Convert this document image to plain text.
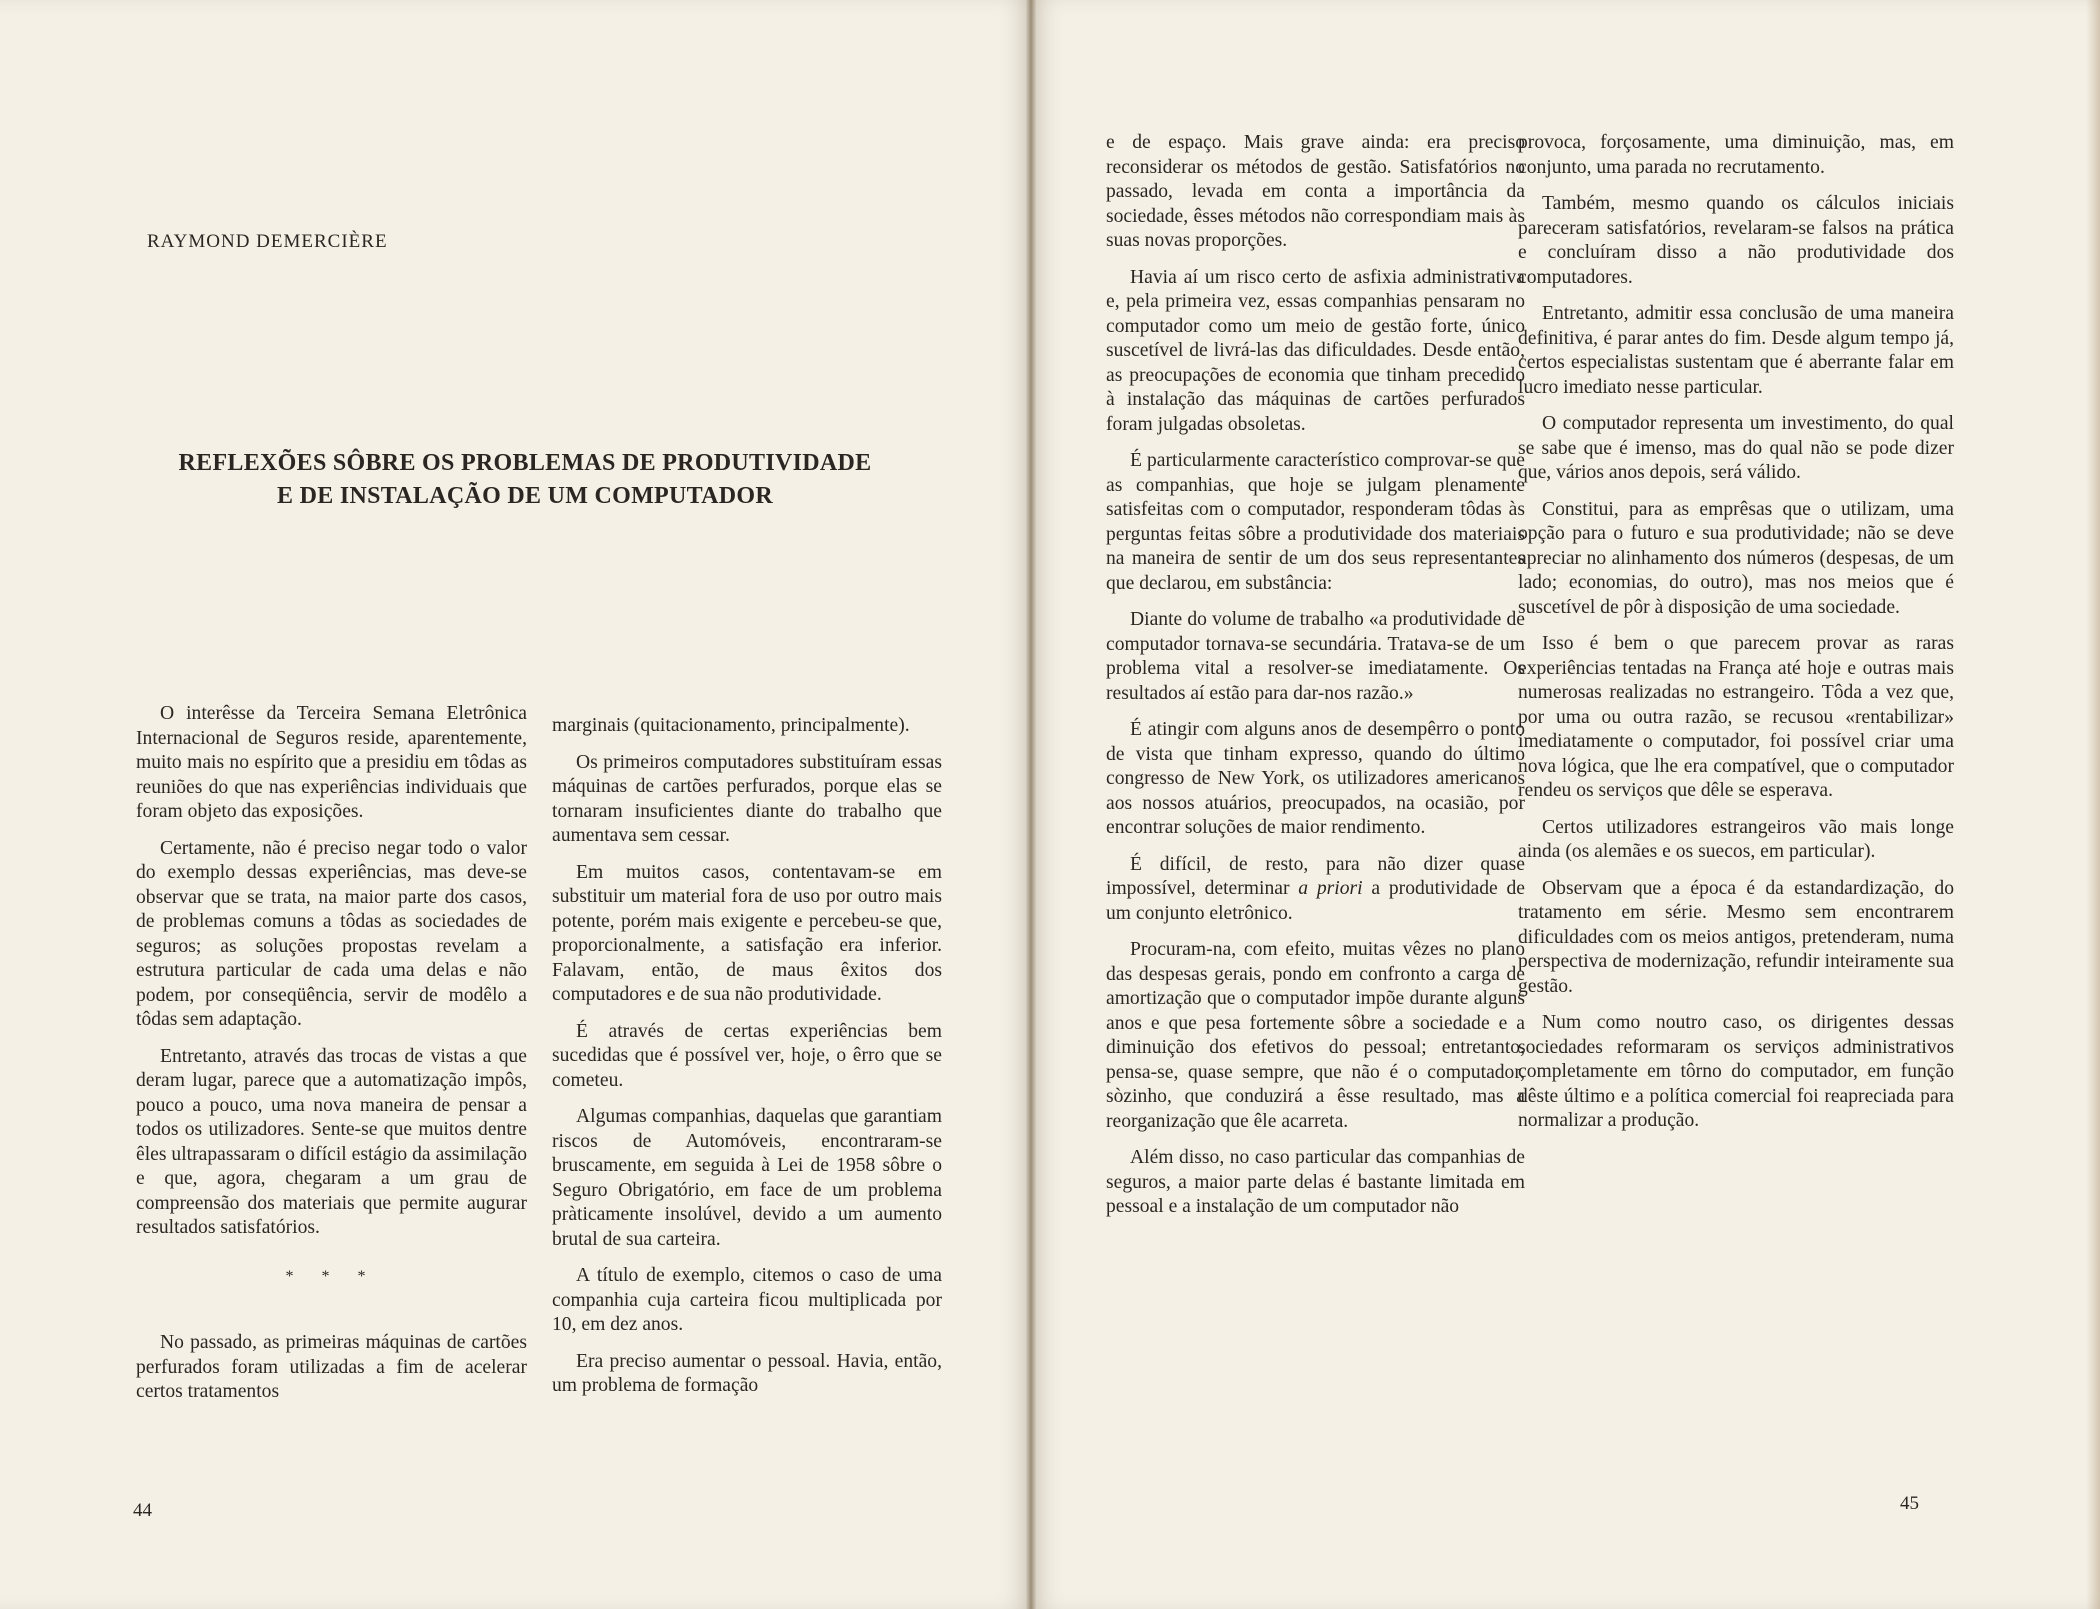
RAYMOND DEMERCIÈRE
REFLEXÕES SÔBRE OS PROBLEMAS DE PRODUTIVIDADE
E DE INSTALAÇÃO DE UM COMPUTADOR

O interêsse da Terceira Semana Eletrônica Internacional de Seguros reside, aparentemente, muito mais no espírito que a presidiu em tôdas as reuniões do que nas experiências individuais que foram objeto das exposições.

Certamente, não é preciso negar todo o valor do exemplo dessas experiências, mas deve-se observar que se trata, na maior parte dos casos, de problemas comuns a tôdas as sociedades de seguros; as soluções propostas revelam a estrutura particular de cada uma delas e não podem, por conseqüência, servir de modêlo a tôdas sem adaptação.

Entretanto, através das trocas de vistas a que deram lugar, parece que a automatização impôs, pouco a pouco, uma nova maneira de pensar a todos os utilizadores. Sente-se que muitos dentre êles ultrapassaram o difícil estágio da assimilação e que, agora, chegaram a um grau de compreensão dos materiais que permite augurar resultados satisfatórios.

* * *

No passado, as primeiras máquinas de cartões perfurados foram utilizadas a fim de acelerar certos tratamentos

marginais (quitacionamento, principalmente).

Os primeiros computadores substituíram essas máquinas de cartões perfurados, porque elas se tornaram insuficientes diante do trabalho que aumentava sem cessar.

Em muitos casos, contentavam-se em substituir um material fora de uso por outro mais potente, porém mais exigente e percebeu-se que, proporcionalmente, a satisfação era inferior. Falavam, então, de maus êxitos dos computadores e de sua não produtividade.

É através de certas experiências bem sucedidas que é possível ver, hoje, o êrro que se cometeu.

Algumas companhias, daquelas que garantiam riscos de Automóveis, encontraram-se bruscamente, em seguida à Lei de 1958 sôbre o Seguro Obrigatório, em face de um problema pràticamente insolúvel, devido a um aumento brutal de sua carteira.

A título de exemplo, citemos o caso de uma companhia cuja carteira ficou multiplicada por 10, em dez anos.

Era preciso aumentar o pessoal. Havia, então, um problema de formação

44

e de espaço. Mais grave ainda: era preciso reconsiderar os métodos de gestão. Satisfatórios no passado, levada em conta a importância da sociedade, êsses métodos não correspondiam mais às suas novas proporções.

Havia aí um risco certo de asfixia administrativa e, pela primeira vez, essas companhias pensaram no computador como um meio de gestão forte, único suscetível de livrá-las das dificuldades. Desde então, as preocupações de economia que tinham precedido à instalação das máquinas de cartões perfurados foram julgadas obsoletas.

É particularmente característico comprovar-se que as companhias, que hoje se julgam plenamente satisfeitas com o computador, responderam tôdas às perguntas feitas sôbre a produtividade dos materiais na maneira de sentir de um dos seus representantes que declarou, em substância:

Diante do volume de trabalho «a produtividade de computador tornava-se secundária. Tratava-se de um problema vital a resolver-se imediatamente. Os resultados aí estão para dar-nos razão.»

É atingir com alguns anos de desempêrro o ponto de vista que tinham expresso, quando do último congresso de New York, os utilizadores americanos aos nossos atuários, preocupados, na ocasião, por encontrar soluções de maior rendimento.

É difícil, de resto, para não dizer quase impossível, determinar a priori a produtividade de um conjunto eletrônico.

Procuram-na, com efeito, muitas vêzes no plano das despesas gerais, pondo em confronto a carga de amortização que o computador impõe durante alguns anos e que pesa fortemente sôbre a sociedade e a diminuição dos efetivos do pessoal; entretanto, pensa-se, quase sempre, que não é o computador, sòzinho, que conduzirá a êsse resultado, mas a reorganização que êle acarreta.

Além disso, no caso particular das companhias de seguros, a maior parte delas é bastante limitada em pessoal e a instalação de um computador não

provoca, forçosamente, uma diminuição, mas, em conjunto, uma parada no recrutamento.

Também, mesmo quando os cálculos iniciais pareceram satisfatórios, revelaram-se falsos na prática e concluíram disso a não produtividade dos computadores.

Entretanto, admitir essa conclusão de uma maneira definitiva, é parar antes do fim. Desde algum tempo já, certos especialistas sustentam que é aberrante falar em lucro imediato nesse particular.

O computador representa um investimento, do qual se sabe que é imenso, mas do qual não se pode dizer que, vários anos depois, será válido.

Constitui, para as emprêsas que o utilizam, uma opção para o futuro e sua produtividade; não se deve apreciar no alinhamento dos números (despesas, de um lado; economias, do outro), mas nos meios que é suscetível de pôr à disposição de uma sociedade.

Isso é bem o que parecem provar as raras experiências tentadas na França até hoje e outras mais numerosas realizadas no estrangeiro. Tôda a vez que, por uma ou outra razão, se recusou «rentabilizar» imediatamente o computador, foi possível criar uma nova lógica, que lhe era compatível, que o computador rendeu os serviços que dêle se esperava.

Certos utilizadores estrangeiros vão mais longe ainda (os alemães e os suecos, em particular).

Observam que a época é da estandardização, do tratamento em série. Mesmo sem encontrarem dificuldades com os meios antigos, pretenderam, numa perspectiva de modernização, refundir inteiramente sua gestão.

Num como noutro caso, os dirigentes dessas sociedades reformaram os serviços administrativos completamente em tôrno do computador, em função dêste último e a política comercial foi reapreciada para normalizar a produção.

45
